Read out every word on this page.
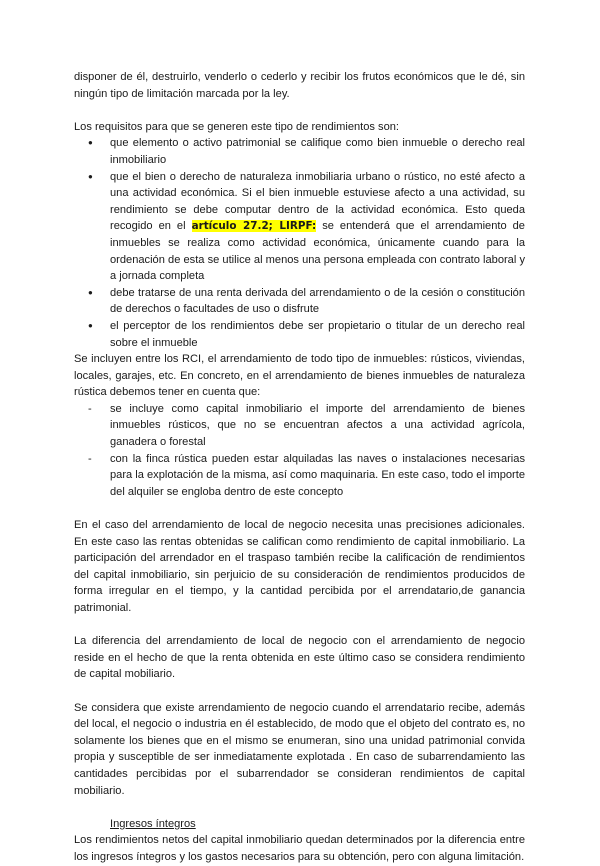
disponer de él, destruirlo, venderlo o cederlo y recibir los frutos económicos que le dé, sin ningún tipo de limitación marcada por la ley.

Los requisitos para que se generen este tipo de rendimientos son:

● que elemento o activo patrimonial se califique como bien inmueble o derecho real inmobiliario
● que el bien o derecho de naturaleza inmobiliaria urbano o rústico, no esté afecto a una actividad económica. Si el bien inmueble estuviese afecto a una actividad, su rendimiento se debe computar dentro de la actividad económica. Esto queda recogido en el artículo 27.2; LIRPF: se entenderá que el arrendamiento de inmuebles se realiza como actividad económica, únicamente cuando para la ordenación de esta se utilice al menos una persona empleada con contrato laboral y a jornada completa
● debe tratarse de una renta derivada del arrendamiento o de la cesión o constitución de derechos o facultades de uso o disfrute
● el perceptor de los rendimientos debe ser propietario o titular de un derecho real sobre el inmueble

Se incluyen entre los RCI, el arrendamiento de todo tipo de inmuebles: rústicos, viviendas, locales, garajes, etc. En concreto, en el arrendamiento de bienes inmuebles de naturaleza rústica debemos tener en cuenta que:

- se incluye como capital inmobiliario el importe del arrendamiento de bienes inmuebles rústicos, que no se encuentran afectos a una actividad agrícola, ganadera o forestal
- con la finca rústica pueden estar alquiladas las naves o instalaciones necesarias para la explotación de la misma, así como maquinaria. En este caso, todo el importe del alquiler se engloba dentro de este concepto

En el caso del arrendamiento de local de negocio necesita unas precisiones adicionales. En este caso las rentas obtenidas se califican como rendimiento de capital inmobiliario. La participación del arrendador en el traspaso también recibe la calificación de rendimientos del capital inmobiliario, sin perjuicio de su consideración de rendimientos producidos de forma irregular en el tiempo, y la cantidad percibida por el arrendatario,de ganancia patrimonial.

La diferencia del arrendamiento de local de negocio con el arrendamiento de negocio reside en el hecho de que la renta obtenida en este último caso se considera rendimiento de capital mobiliario.

Se considera que existe arrendamiento de negocio cuando el arrendatario recibe, además del local, el negocio o industria en él establecido, de modo que el objeto del contrato es, no solamente los bienes que en el mismo se enumeran, sino una unidad patrimonial convida propia y susceptible de ser inmediatamente explotada . En caso de subarrendamiento las cantidades percibidas por el subarrendador se consideran rendimientos de capital mobiliario.

Ingresos íntegros

Los rendimientos netos del capital inmobiliario quedan determinados por la diferencia entre los ingresos íntegros y los gastos necesarios para su obtención, pero con alguna limitación.
